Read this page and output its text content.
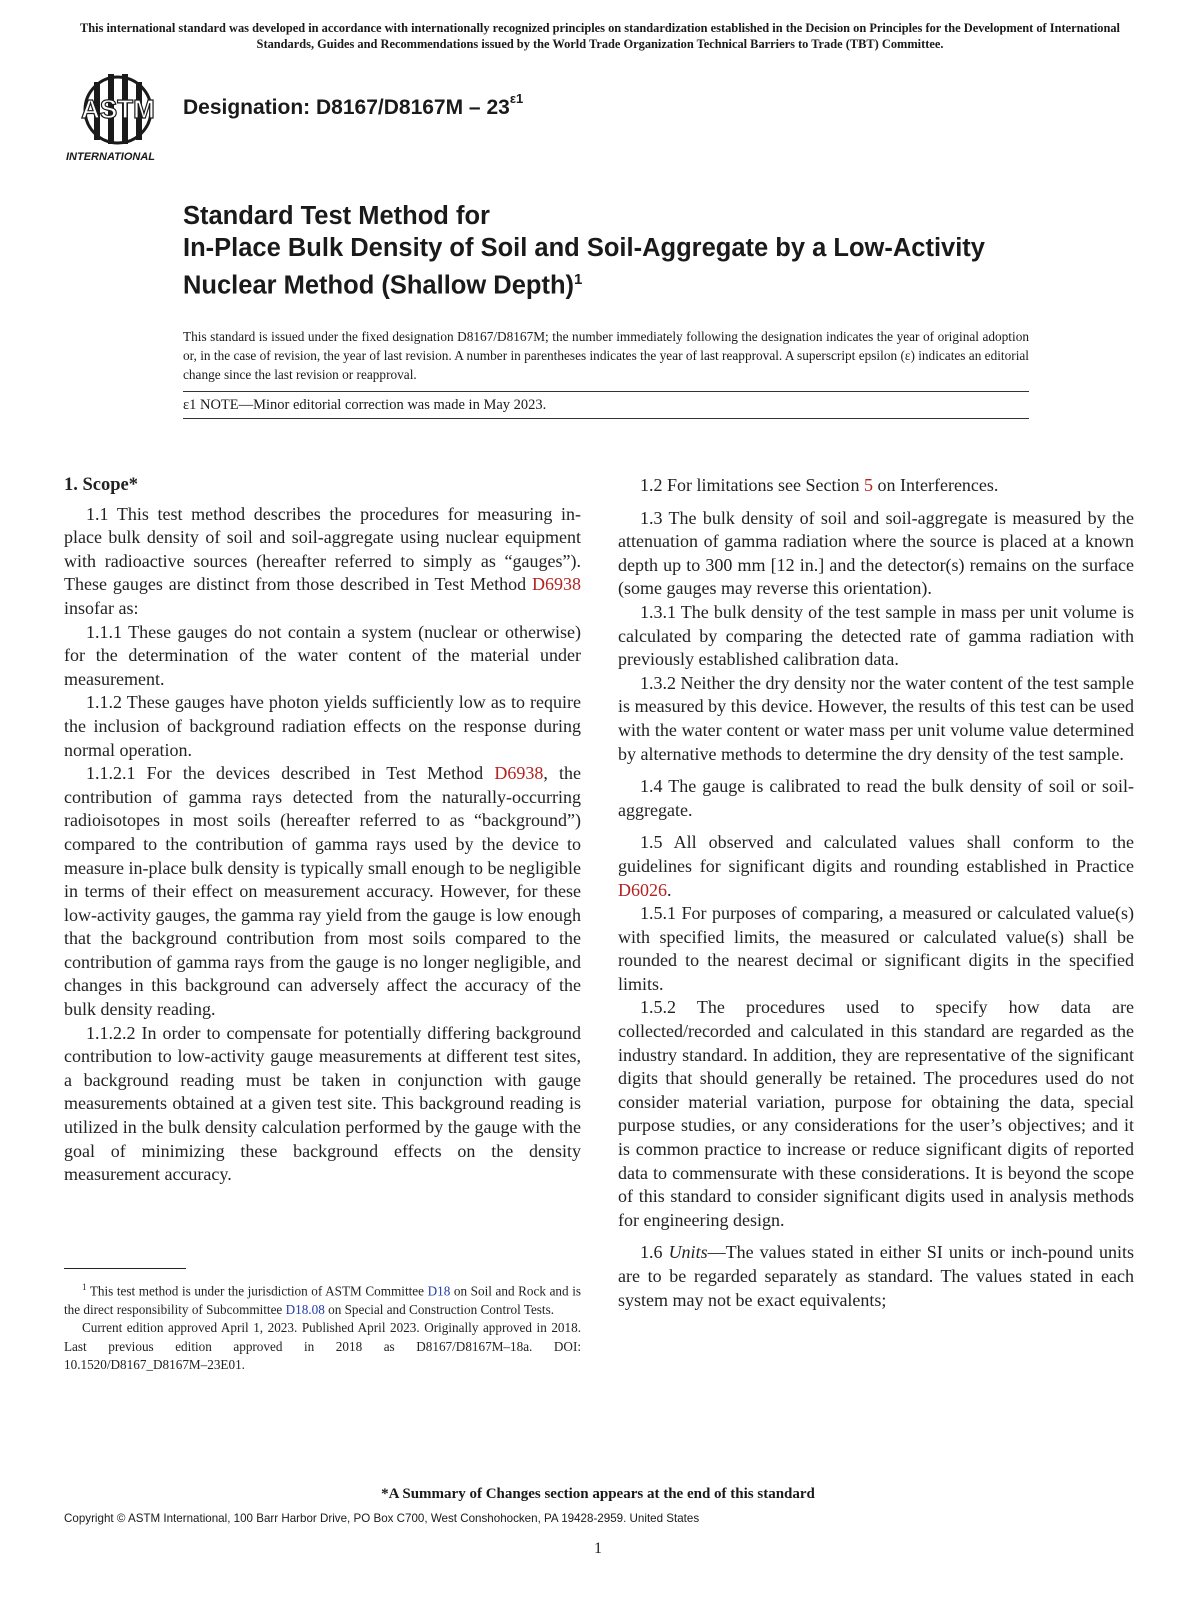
This international standard was developed in accordance with internationally recognized principles on standardization established in the Decision on Principles for the Development of International Standards, Guides and Recommendations issued by the World Trade Organization Technical Barriers to Trade (TBT) Committee.
ASTM
INTERNATIONAL
Designation: $D8167/D8167M - 23^{\varepsilon 1}$
Standard Test Method for
In-Place Bulk Density of Soil and Soil-Aggregate by a Low-Activity Nuclear Method (Shallow Depth)$^1$
This standard is issued under the fixed designation D8167/D8167M; the number immediately following the designation indicates the year of original adoption or, in the case of revision, the year of last revision. A number in parentheses indicates the year of last reapproval. A superscript epsilon (ε) indicates an editorial change since the last revision or reapproval.
ε1 NOTE—Minor editorial correction was made in May 2023.
1. Scope*

1.1 This test method describes the procedures for measuring in-place bulk density of soil and soil-aggregate using nuclear equipment with radioactive sources (hereafter referred to simply as “gauges”). These gauges are distinct from those described in Test Method D6938 insofar as:

1.1.1 These gauges do not contain a system (nuclear or otherwise) for the determination of the water content of the material under measurement.

1.1.2 These gauges have photon yields sufficiently low as to require the inclusion of background radiation effects on the response during normal operation.

1.1.2.1 For the devices described in Test Method D6938, the contribution of gamma rays detected from the naturally-occurring radioisotopes in most soils (hereafter referred to as “background”) compared to the contribution of gamma rays used by the device to measure in-place bulk density is typically small enough to be negligible in terms of their effect on measurement accuracy. However, for these low-activity gauges, the gamma ray yield from the gauge is low enough that the background contribution from most soils compared to the contribution of gamma rays from the gauge is no longer negligible, and changes in this background can adversely affect the accuracy of the bulk density reading.

1.1.2.2 In order to compensate for potentially differing background contribution to low-activity gauge measurements at different test sites, a background reading must be taken in conjunction with gauge measurements obtained at a given test site. This background reading is utilized in the bulk density calculation performed by the gauge with the goal of minimizing these background effects on the density measurement accuracy.

$^1$ This test method is under the jurisdiction of ASTM Committee D18 on Soil and Rock and is the direct responsibility of Subcommittee D18.08 on Special and Construction Control Tests.

Current edition approved April 1, 2023. Published April 2023. Originally approved in 2018. Last previous edition approved in 2018 as D8167/D8167M–18a. DOI: 10.1520/D8167_D8167M–23E01.

1.2 For limitations see Section 5 on Interferences.

1.3 The bulk density of soil and soil-aggregate is measured by the attenuation of gamma radiation where the source is placed at a known depth up to 300 mm [12 in.] and the detector(s) remains on the surface (some gauges may reverse this orientation).

1.3.1 The bulk density of the test sample in mass per unit volume is calculated by comparing the detected rate of gamma radiation with previously established calibration data.

1.3.2 Neither the dry density nor the water content of the test sample is measured by this device. However, the results of this test can be used with the water content or water mass per unit volume value determined by alternative methods to determine the dry density of the test sample.

1.4 The gauge is calibrated to read the bulk density of soil or soil-aggregate.

1.5 All observed and calculated values shall conform to the guidelines for significant digits and rounding established in Practice D6026.

1.5.1 For purposes of comparing, a measured or calculated value(s) with specified limits, the measured or calculated value(s) shall be rounded to the nearest decimal or significant digits in the specified limits.

1.5.2 The procedures used to specify how data are collected/recorded and calculated in this standard are regarded as the industry standard. In addition, they are representative of the significant digits that should generally be retained. The procedures used do not consider material variation, purpose for obtaining the data, special purpose studies, or any considerations for the user’s objectives; and it is common practice to increase or reduce significant digits of reported data to commensurate with these considerations. It is beyond the scope of this standard to consider significant digits used in analysis methods for engineering design.

1.6 Units—The values stated in either SI units or inch-pound units are to be regarded separately as standard. The values stated in each system may not be exact equivalents;

*A Summary of Changes section appears at the end of this standard
Copyright © ASTM International, 100 Barr Harbor Drive, PO Box C700, West Conshohocken, PA 19428-2959. United States
1
